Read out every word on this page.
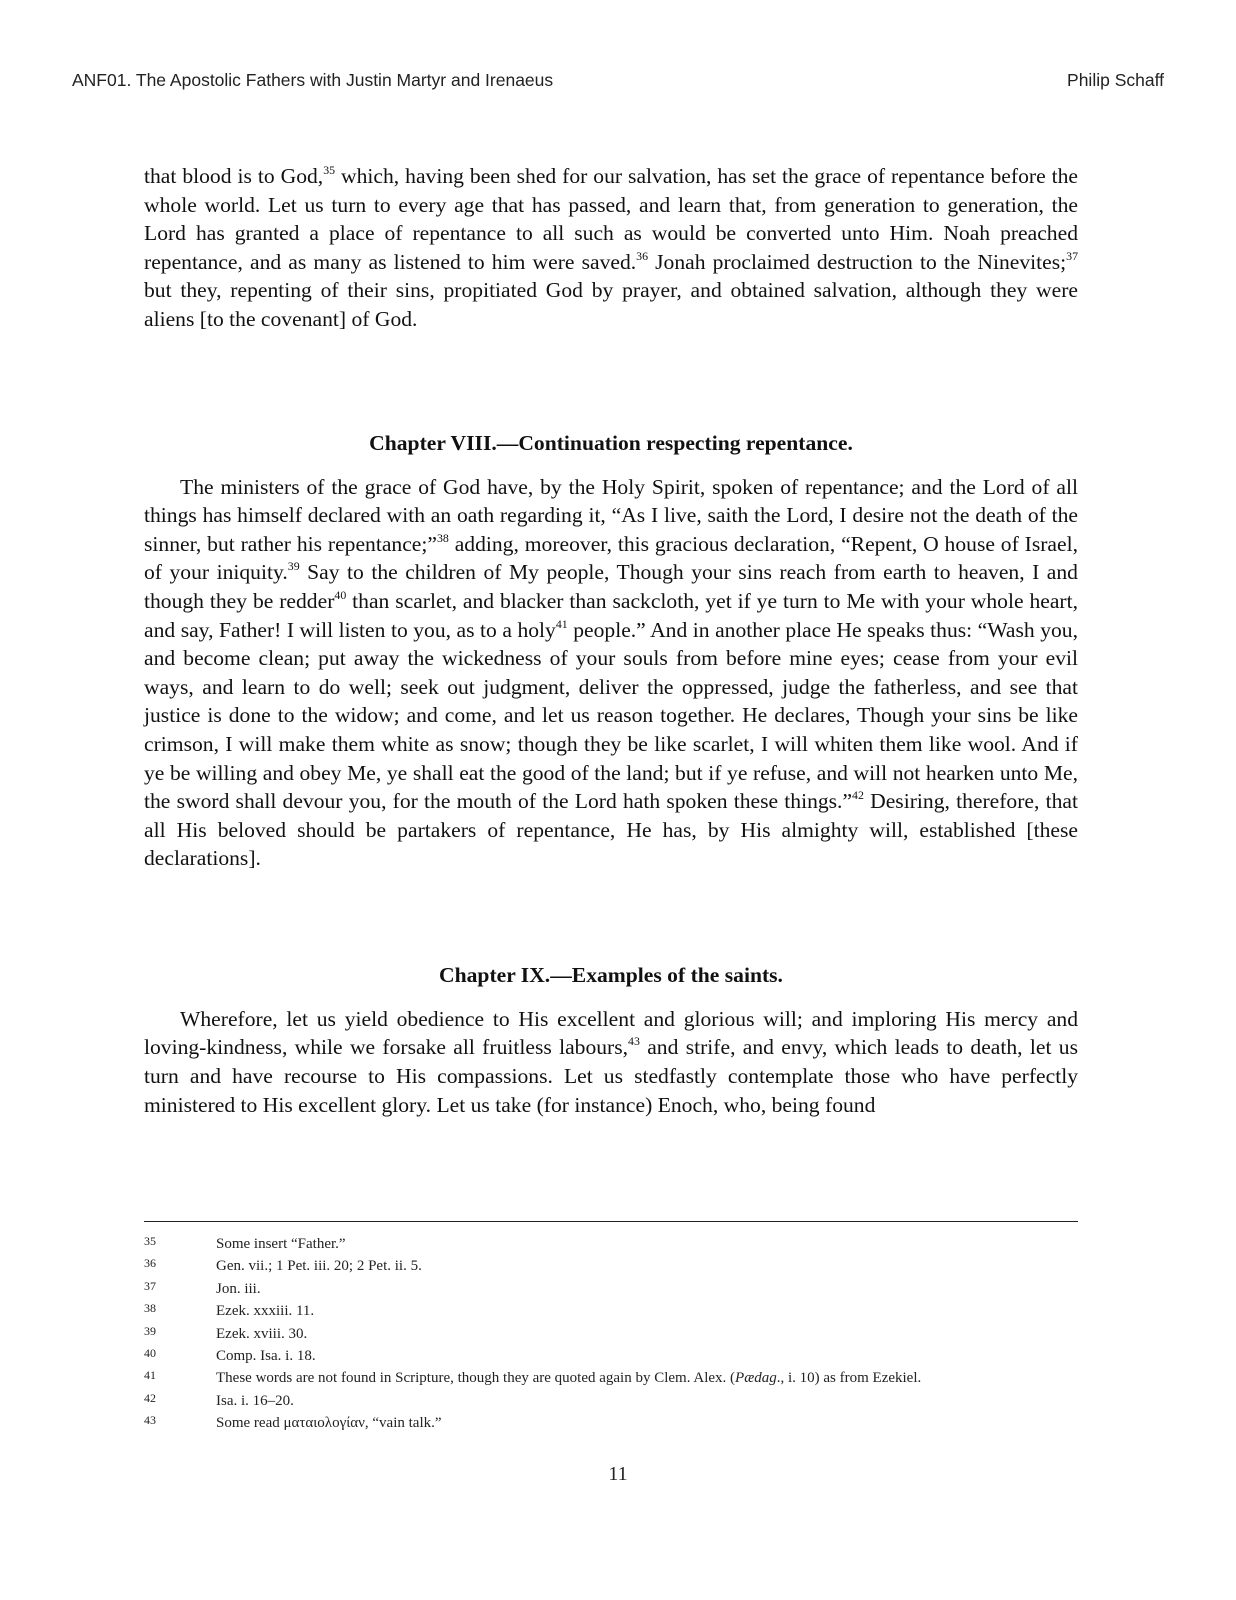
ANF01. The Apostolic Fathers with Justin Martyr and Irenaeus	Philip Schaff

that blood is to God,$^{35}$ which, having been shed for our salvation, has set the grace of repentance before the whole world. Let us turn to every age that has passed, and learn that, from generation to generation, the Lord has granted a place of repentance to all such as would be converted unto Him. Noah preached repentance, and as many as listened to him were saved.$^{36}$ Jonah proclaimed destruction to the Ninevites;$^{37}$ but they, repenting of their sins, propitiated God by prayer, and obtained salvation, although they were aliens [to the covenant] of God.

Chapter VIII.—Continuation respecting repentance.

The ministers of the grace of God have, by the Holy Spirit, spoken of repentance; and the Lord of all things has himself declared with an oath regarding it, “As I live, saith the Lord, I desire not the death of the sinner, but rather his repentance;”$^{38}$ adding, moreover, this gracious declaration, “Repent, O house of Israel, of your iniquity.$^{39}$ Say to the children of My people, Though your sins reach from earth to heaven, I and though they be redder$^{40}$ than scarlet, and blacker than sackcloth, yet if ye turn to Me with your whole heart, and say, Father! I will listen to you, as to a holy$^{41}$ people.” And in another place He speaks thus: “Wash you, and become clean; put away the wickedness of your souls from before mine eyes; cease from your evil ways, and learn to do well; seek out judgment, deliver the oppressed, judge the fatherless, and see that justice is done to the widow; and come, and let us reason together. He declares, Though your sins be like crimson, I will make them white as snow; though they be like scarlet, I will whiten them like wool. And if ye be willing and obey Me, ye shall eat the good of the land; but if ye refuse, and will not hearken unto Me, the sword shall devour you, for the mouth of the Lord hath spoken these things.”$^{42}$ Desiring, therefore, that all His beloved should be partakers of repentance, He has, by His almighty will, established [these declarations].

Chapter IX.—Examples of the saints.

Wherefore, let us yield obedience to His excellent and glorious will; and imploring His mercy and loving-kindness, while we forsake all fruitless labours,$^{43}$ and strife, and envy, which leads to death, let us turn and have recourse to His compassions. Let us stedfastly contemplate those who have perfectly ministered to His excellent glory. Let us take (for instance) Enoch, who, being found

35	Some insert “Father.”
36	Gen. vii.; 1 Pet. iii. 20; 2 Pet. ii. 5.
37	Jon. iii.
38	Ezek. xxxiii. 11.
39	Ezek. xviii. 30.
40	Comp. Isa. i. 18.
41	These words are not found in Scripture, though they are quoted again by Clem. Alex. (Pædag., i. 10) as from Ezekiel.
42	Isa. i. 16–20.
43	Some read ματαιολογίαν, “vain talk.”
11
